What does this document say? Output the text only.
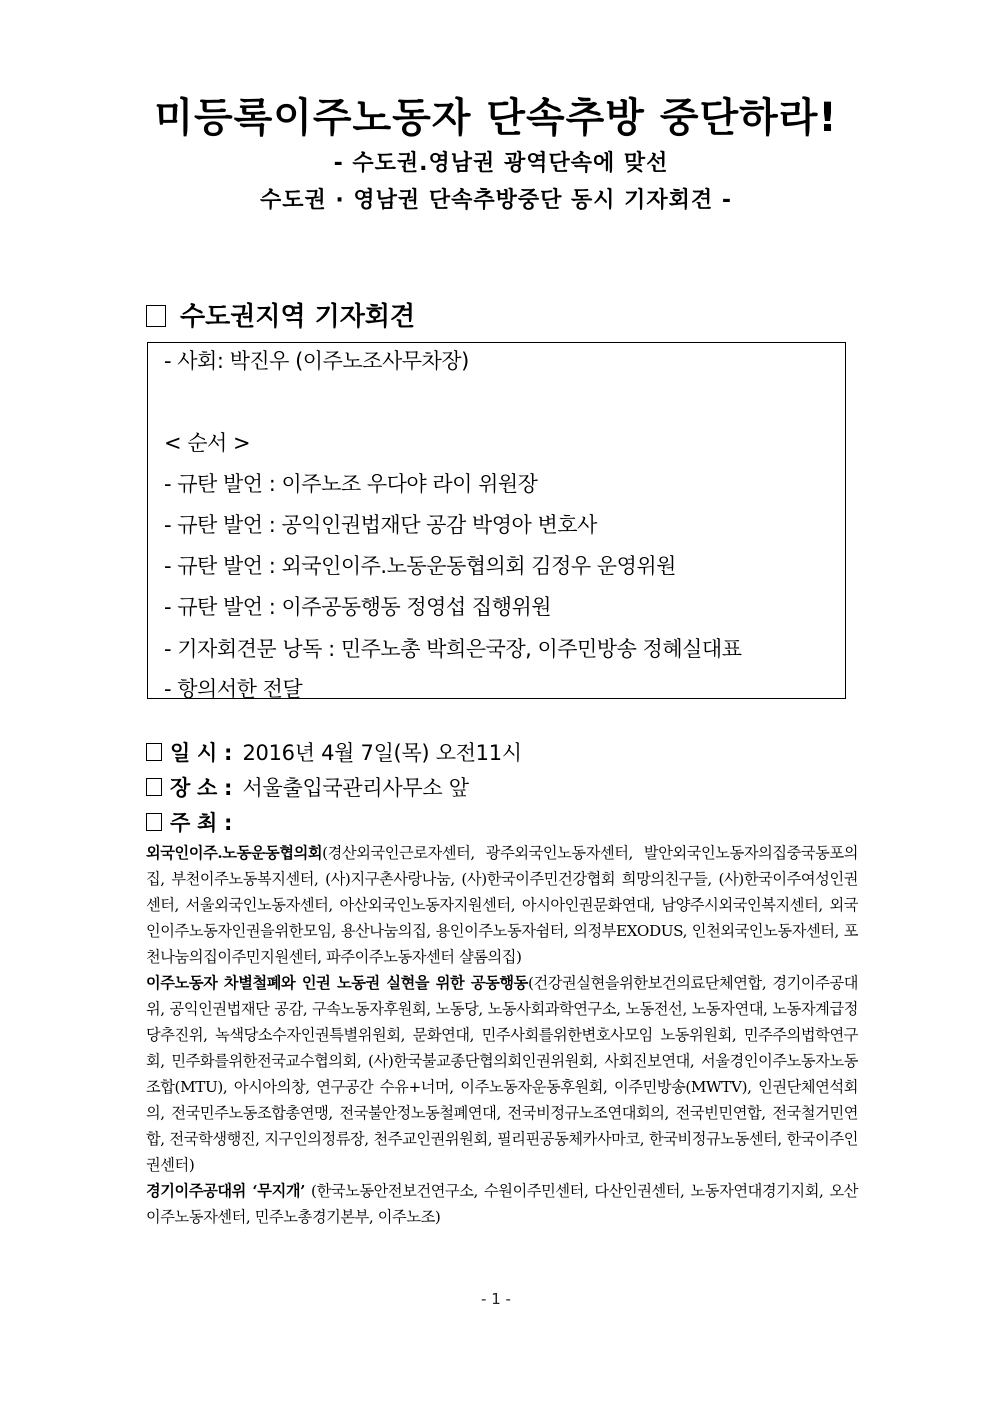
미등록이주노동자 단속추방 중단하라!
- 수도권.영남권 광역단속에 맞선
수도권 · 영남권 단속추방중단 동시 기자회견 -
수도권지역 기자회견
- 사회: 박진우 (이주노조사무차장)
< 순서 >
- 규탄 발언 : 이주노조 우다야 라이 위원장
- 규탄 발언 : 공익인권법재단 공감 박영아 변호사
- 규탄 발언 : 외국인이주.노동운동협의회 김정우 운영위원
- 규탄 발언 : 이주공동행동 정영섭 집행위원
- 기자회견문 낭독 : 민주노총 박희은국장, 이주민방송 정혜실대표
- 항의서한 전달
일 시 : 2016년 4월 7일(목) 오전11시
장 소 : 서울출입국관리사무소 앞
주 최 :

외국인이주.노동운동협의회(경산외국인근로자센터, 광주외국인노동자센터, 발안외국인노동자의집중국동포의집, 부천이주노동복지센터, (사)지구촌사랑나눔, (사)한국이주민건강협회 희망의친구들, (사)한국이주여성인권센터, 서울외국인노동자센터, 아산외국인노동자지원센터, 아시아인권문화연대, 남양주시외국인복지센터, 외국인이주노동자인권을위한모임, 용산나눔의집, 용인이주노동자쉼터, 의정부EXODUS, 인천외국인노동자센터, 포천나눔의집이주민지원센터, 파주이주노동자센터 샬롬의집)

이주노동자 차별철폐와 인권 노동권 실현을 위한 공동행동(건강권실현을위한보건의료단체연합, 경기이주공대위, 공익인권법재단 공감, 구속노동자후원회, 노동당, 노동사회과학연구소, 노동전선, 노동자연대, 노동자계급정당추진위, 녹색당소수자인권특별위원회, 문화연대, 민주사회를위한변호사모임 노동위원회, 민주주의법학연구회, 민주화를위한전국교수협의회, (사)한국불교종단협의회인권위원회, 사회진보연대, 서울경인이주노동자노동조합(MTU), 아시아의창, 연구공간 수유+너머, 이주노동자운동후원회, 이주민방송(MWTV), 인권단체연석회의, 전국민주노동조합총연맹, 전국불안정노동철폐연대, 전국비정규노조연대회의, 전국빈민연합, 전국철거민연합, 전국학생행진, 지구인의정류장, 천주교인권위원회, 필리핀공동체카사마코, 한국비정규노동센터, 한국이주인권센터)

경기이주공대위 ‘무지개’ (한국노동안전보건연구소, 수원이주민센터, 다산인권센터, 노동자연대경기지회, 오산이주노동자센터, 민주노총경기본부, 이주노조)

- 1 -
